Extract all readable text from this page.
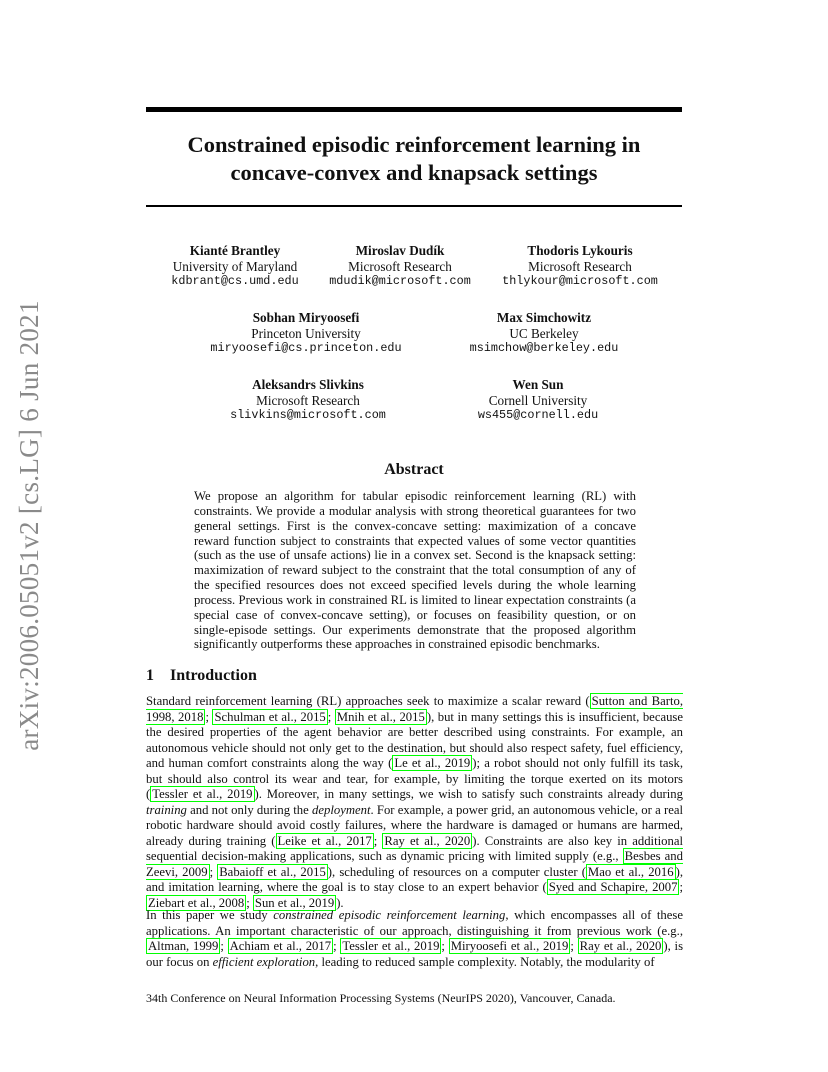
arXiv:2006.05051v2 [cs.LG] 6 Jun 2021
Constrained episodic reinforcement learning in
concave-convex and knapsack settings
Kianté Brantley
University of Maryland
kdbrant@cs.umd.edu
Miroslav Dudík
Microsoft Research
mdudik@microsoft.com
Thodoris Lykouris
Microsoft Research
thlykour@microsoft.com
Sobhan Miryoosefi
Princeton University
miryoosefi@cs.princeton.edu
Max Simchowitz
UC Berkeley
msimchow@berkeley.edu
Aleksandrs Slivkins
Microsoft Research
slivkins@microsoft.com
Wen Sun
Cornell University
ws455@cornell.edu
Abstract
We propose an algorithm for tabular episodic reinforcement learning (RL) with constraints. We provide a modular analysis with strong theoretical guarantees for two general settings. First is the convex-concave setting: maximization of a concave reward function subject to constraints that expected values of some vector quantities (such as the use of unsafe actions) lie in a convex set. Second is the knapsack setting: maximization of reward subject to the constraint that the total consumption of any of the specified resources does not exceed specified levels during the whole learning process. Previous work in constrained RL is limited to linear expectation constraints (a special case of convex-concave setting), or focuses on feasibility question, or on single-episode settings. Our experiments demonstrate that the proposed algorithm significantly outperforms these approaches in constrained episodic benchmarks.
1 Introduction
Standard reinforcement learning (RL) approaches seek to maximize a scalar reward ( Sutton and Barto, 1998, 2018 ; Schulman et al., 2015 ; Mnih et al., 2015 ), but in many settings this is insufficient, because the desired properties of the agent behavior are better described using constraints. For example, an autonomous vehicle should not only get to the destination, but should also respect safety, fuel efficiency, and human comfort constraints along the way ( Le et al., 2019 ); a robot should not only fulfill its task, but should also control its wear and tear, for example, by limiting the torque exerted on its motors ( Tessler et al., 2019 ). Moreover, in many settings, we wish to satisfy such constraints already during training and not only during the deployment. For example, a power grid, an autonomous vehicle, or a real robotic hardware should avoid costly failures, where the hardware is damaged or humans are harmed, already during training ( Leike et al., 2017 ; Ray et al., 2020 ). Constraints are also key in additional sequential decision-making applications, such as dynamic pricing with limited supply (e.g., Besbes and Zeevi, 2009 ; Babaioff et al., 2015 ), scheduling of resources on a computer cluster ( Mao et al., 2016 ), and imitation learning, where the goal is to stay close to an expert behavior ( Syed and Schapire, 2007 ; Ziebart et al., 2008 ; Sun et al., 2019 ).
In this paper we study constrained episodic reinforcement learning, which encompasses all of these applications. An important characteristic of our approach, distinguishing it from previous work (e.g., Altman, 1999 ; Achiam et al., 2017 ; Tessler et al., 2019 ; Miryoosefi et al., 2019 ; Ray et al., 2020 ), is our focus on efficient exploration, leading to reduced sample complexity. Notably, the modularity of
34th Conference on Neural Information Processing Systems (NeurIPS 2020), Vancouver, Canada.
